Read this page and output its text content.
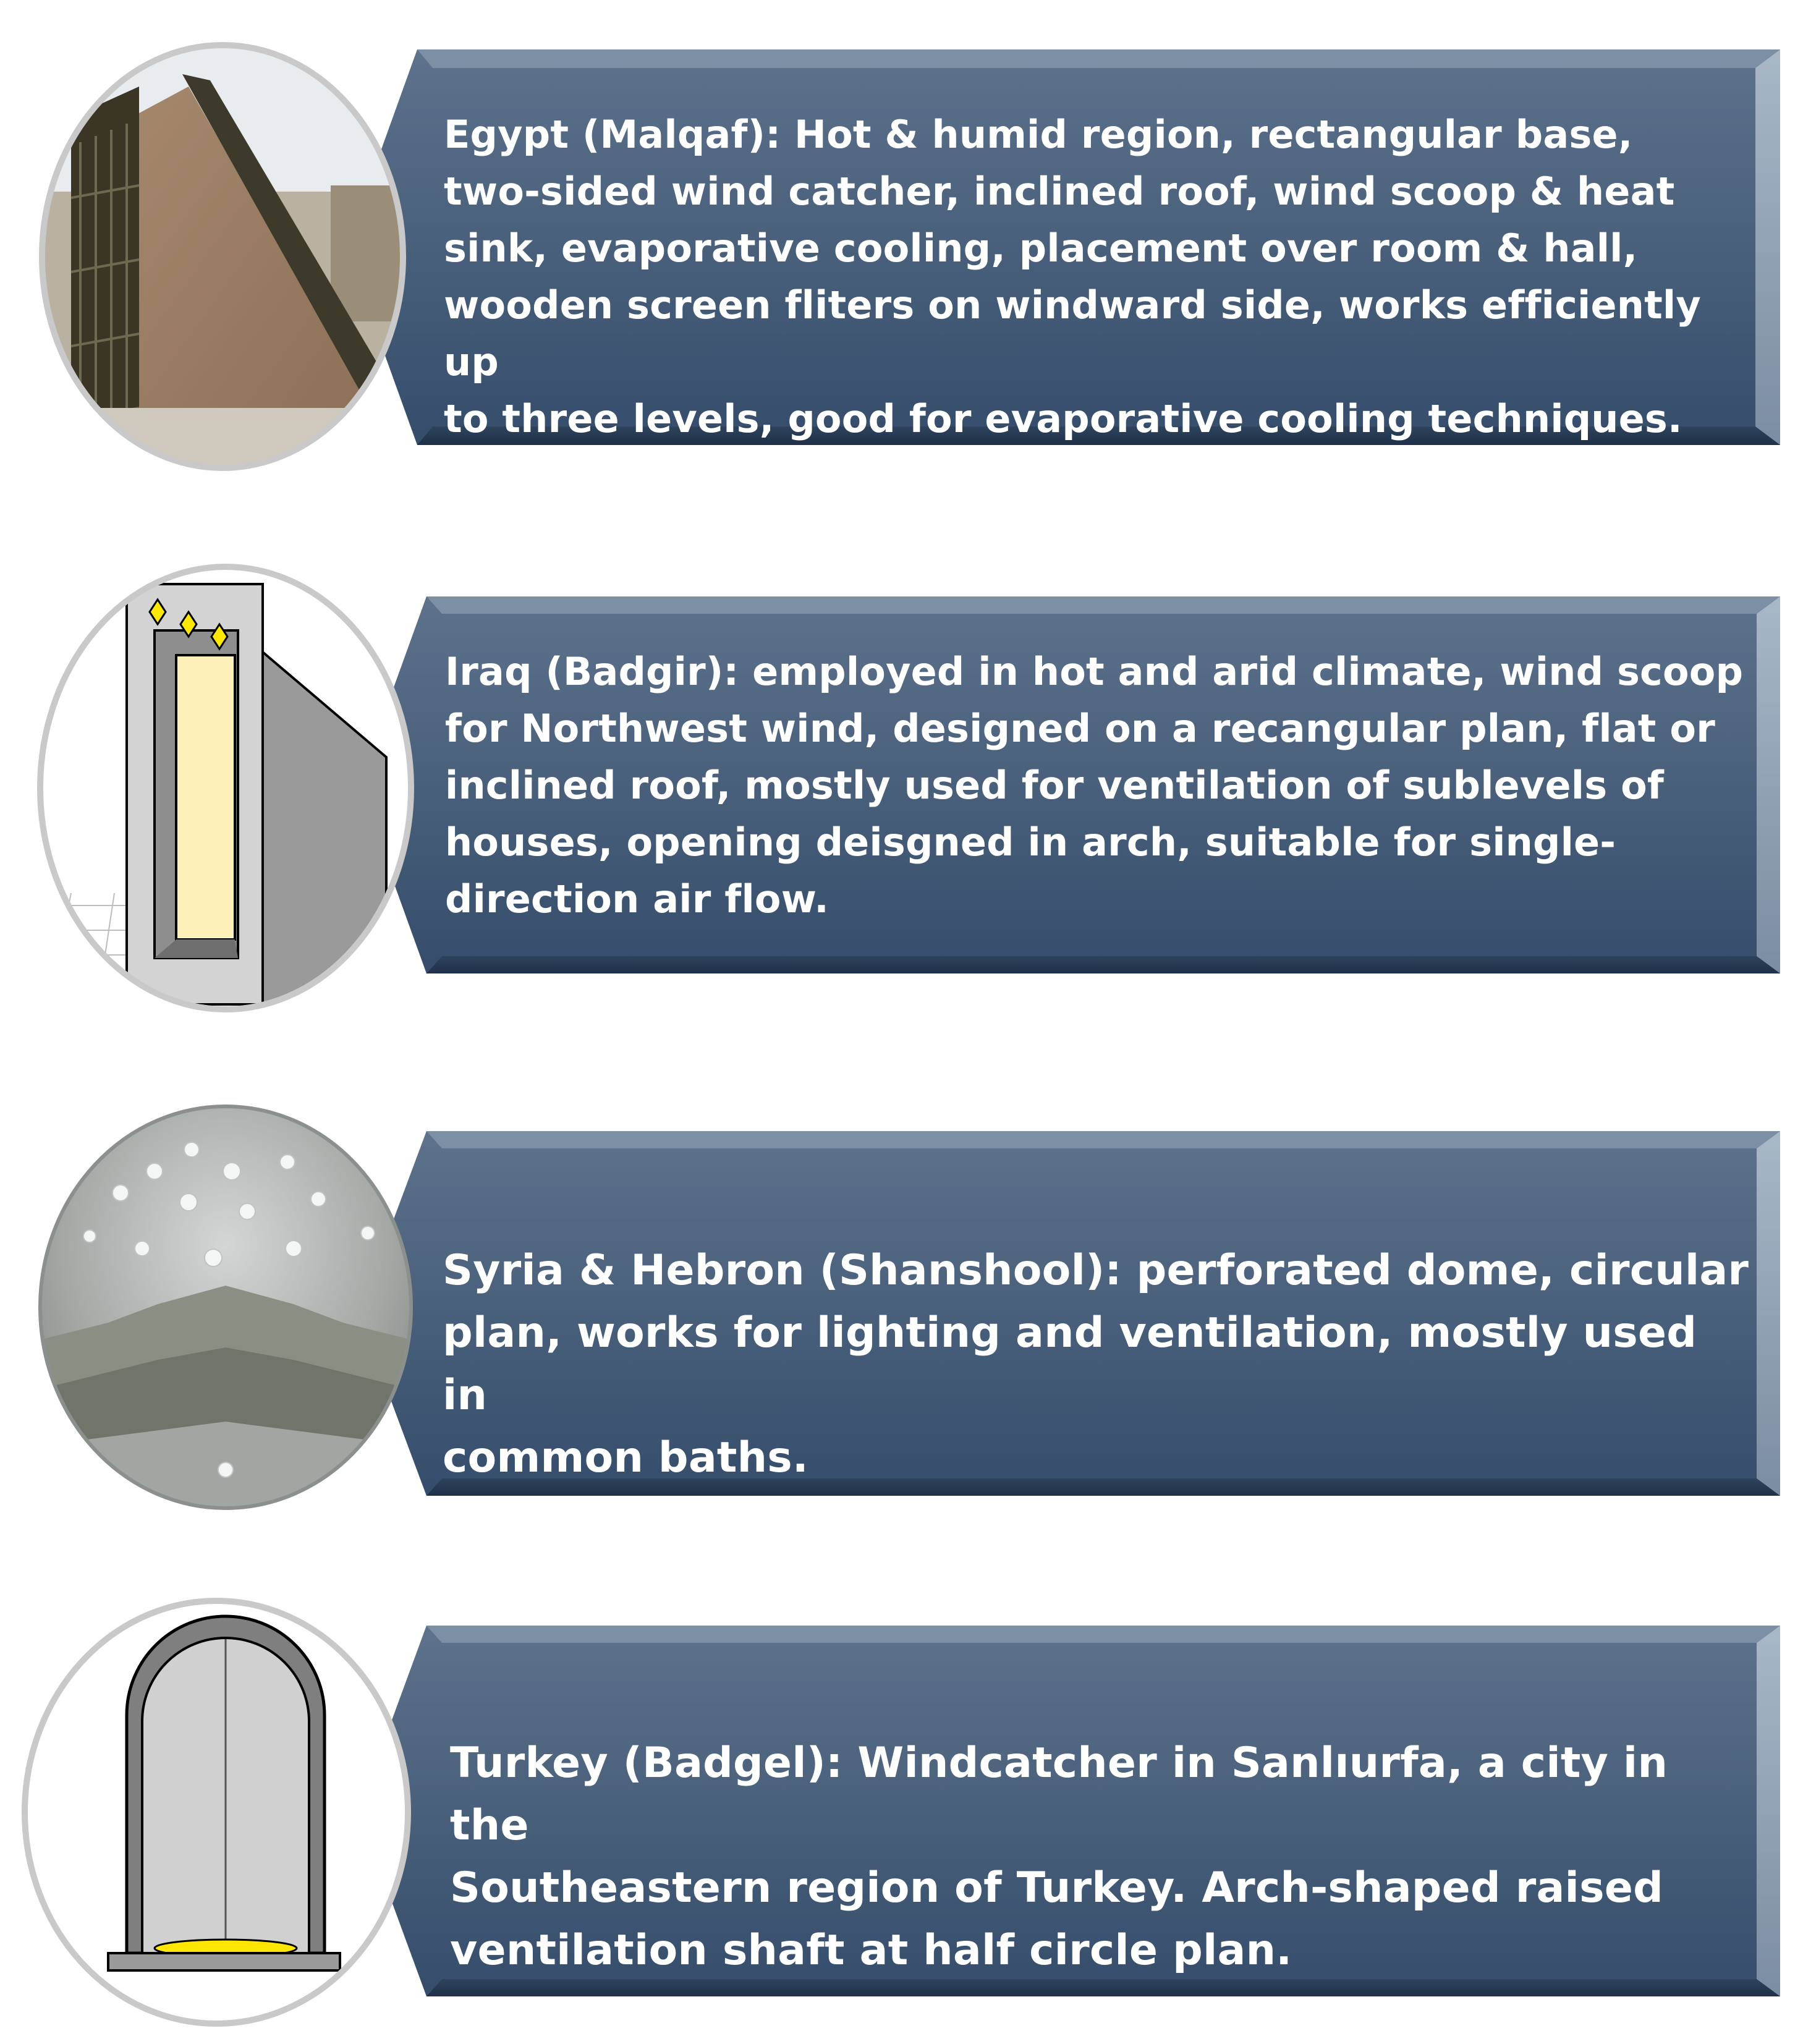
Egypt (Malqaf): Hot & humid region, rectangular base,
two-sided wind catcher, inclined roof, wind scoop & heat
sink, evaporative cooling, placement over room & hall,
wooden screen fliters on windward side, works efficiently up
to three levels, good for evaporative cooling techniques.
Iraq (Badgir): employed in hot and arid climate, wind scoop
for Northwest wind, designed on a recangular plan, flat or
inclined roof, mostly used for ventilation of sublevels of
houses, opening deisgned in arch, suitable for single-
direction air flow.
Syria & Hebron (Shanshool): perforated dome, circular
plan, works for lighting and ventilation, mostly used in
common baths.
Turkey (Badgel): Windcatcher in Sanlıurfa, a city in the
Southeastern region of Turkey. Arch-shaped raised
ventilation shaft at half circle plan.
